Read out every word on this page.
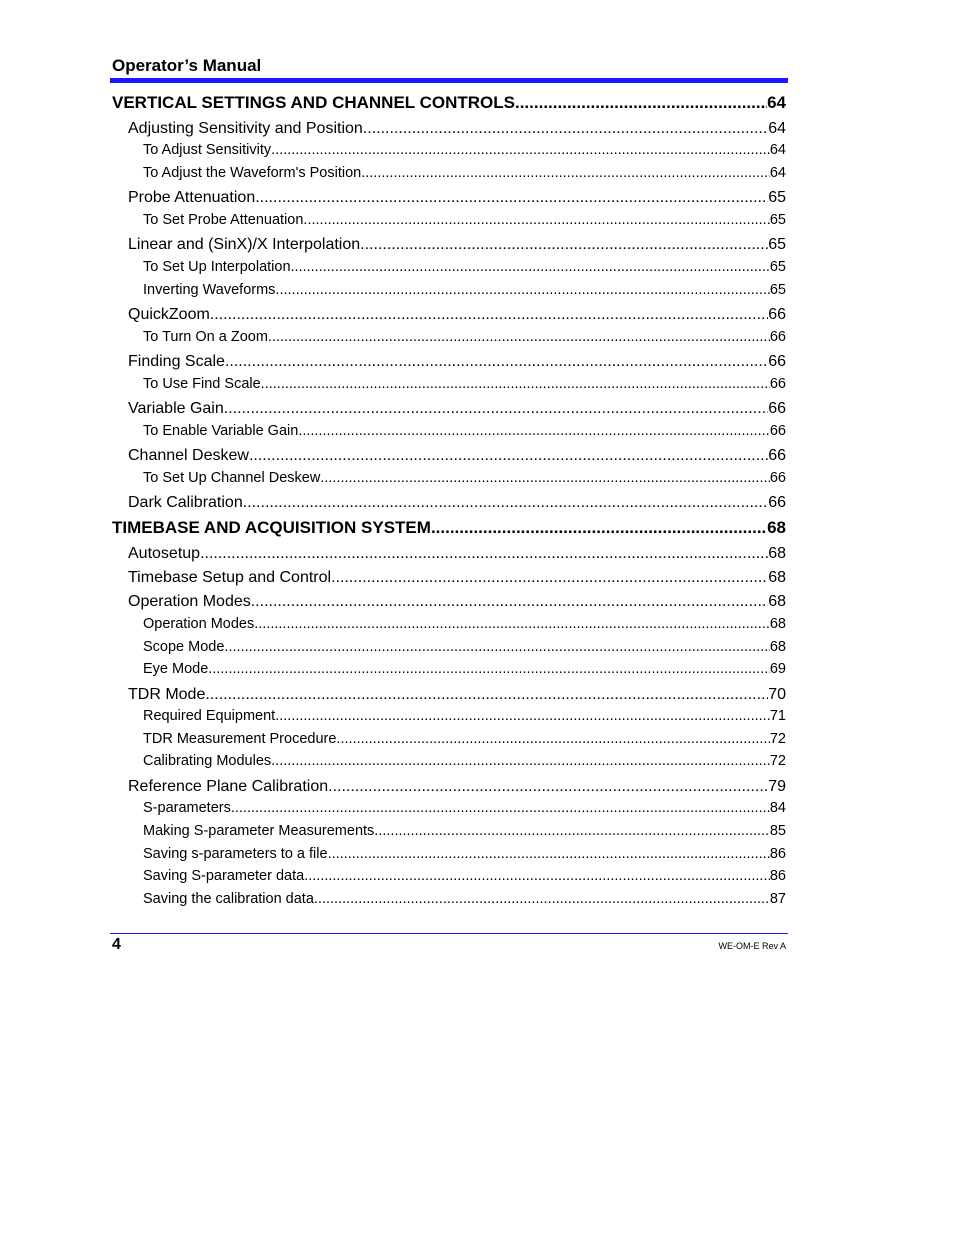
Operator’s Manual
VERTICAL SETTINGS AND CHANNEL CONTROLS .....	64
Adjusting Sensitivity and Position .....	64
To Adjust Sensitivity .....	64
To Adjust the Waveform's Position .....	64
Probe Attenuation .....	65
To Set Probe Attenuation .....	65
Linear and (SinX)/X Interpolation .....	65
To Set Up Interpolation .....	65
Inverting Waveforms .....	65
QuickZoom .....	66
To Turn On a Zoom .....	66
Finding Scale .....	66
To Use Find Scale .....	66
Variable Gain .....	66
To Enable Variable Gain .....	66
Channel Deskew .....	66
To Set Up Channel Deskew .....	66
Dark Calibration .....	66
TIMEBASE AND ACQUISITION SYSTEM .....	68
Autosetup .....	68
Timebase Setup and Control .....	68
Operation Modes .....	68
Operation Modes .....	68
Scope Mode .....	68
Eye Mode .....	69
TDR Mode .....	70
Required Equipment .....	71
TDR Measurement Procedure .....	72
Calibrating Modules .....	72
Reference Plane Calibration .....	79
S-parameters .....	84
Making S-parameter Measurements .....	85
Saving s-parameters to a file .....	86
Saving S-parameter data .....	86
Saving the calibration data .....	87
4	WE-OM-E Rev A
